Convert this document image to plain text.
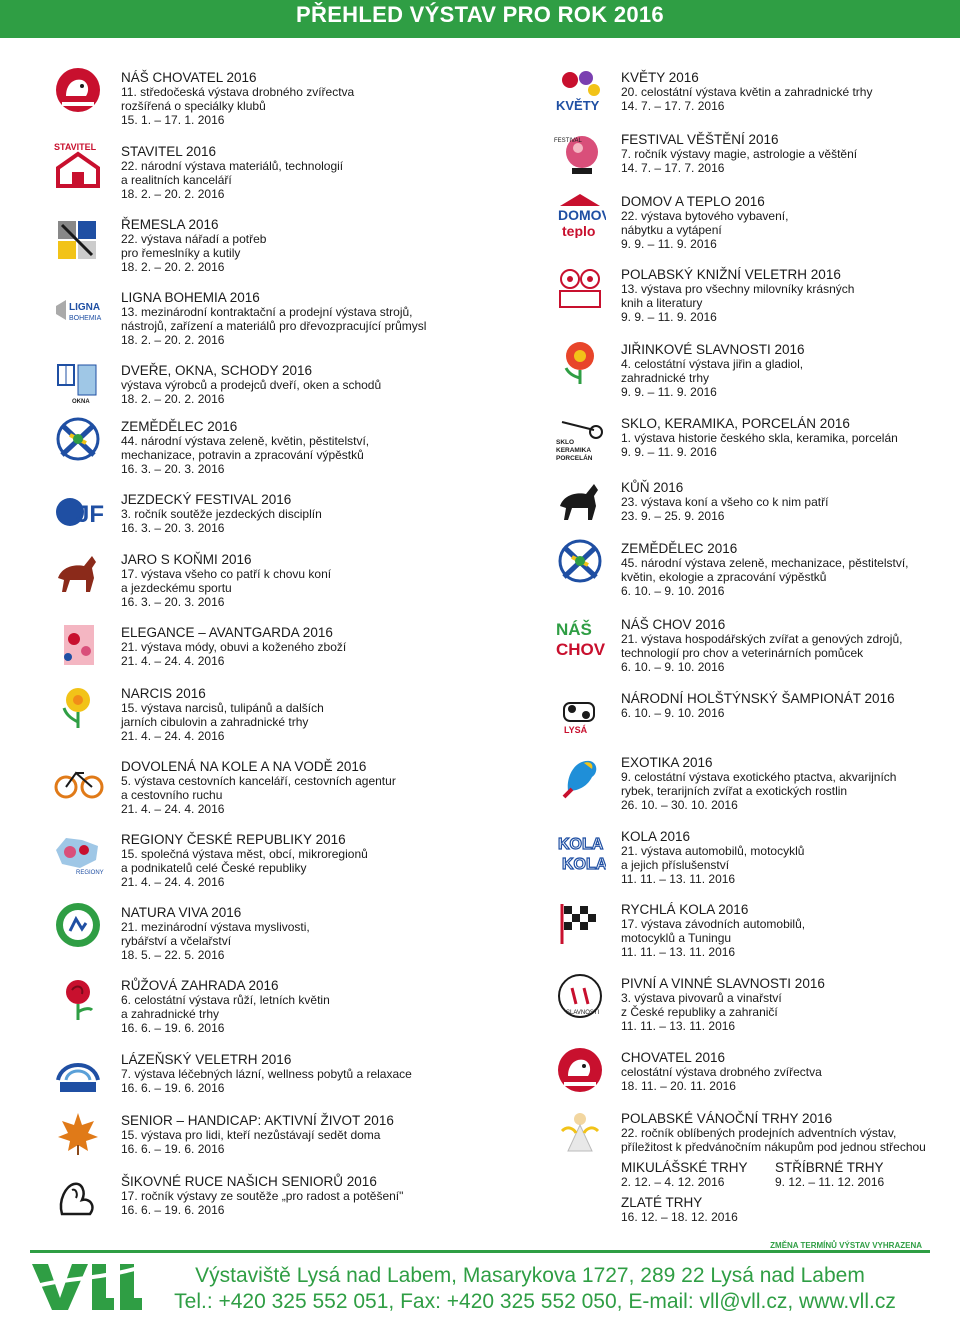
PŘEHLED VÝSTAV PRO ROK 2016
NÁŠ CHOVATEL 2016
11. středočeská výstava drobného zvířectva
rozšířená o speciálky klubů
15. 1. – 17. 1. 2016
STAVITEL STAVITEL 2016
22. národní výstava materiálů, technologií
a realitních kanceláří
18. 2. – 20. 2. 2016
ŘEMESLA 2016
22. výstava nářadí a potřeb
pro řemeslníky a kutily
18. 2. – 20. 2. 2016
LIGNA
BOHEMIA
LIGNA BOHEMIA 2016
13. mezinárodní kontraktační a prodejní výstava strojů,
nástrojů, zařízení a materiálů pro dřevozpracující průmysl
18. 2. – 20. 2. 2016
OKNA
DVEŘE, OKNA, SCHODY 2016
výstava výrobců a prodejců dveří, oken a schodů
18. 2. – 20. 2. 2016
ZEMĚDĚLEC 2016
44. národní výstava zeleně, květin, pěstitelství,
mechanizace, potravin a zpracování výpěstků
16. 3. – 20. 3. 2016
JF
JEZDECKÝ FESTIVAL 2016
3. ročník soutěže jezdeckých disciplín
16. 3. – 20. 3. 2016
JARO S KOŇMI 2016
17. výstava všeho co patří k chovu koní
a jezdeckému sportu
16. 3. – 20. 3. 2016
ELEGANCE – AVANTGARDA 2016
21. výstava módy, obuvi a koženého zboží
21. 4. – 24. 4. 2016
NARCIS 2016
15. výstava narcisů, tulipánů a dalších
jarních cibulovin a zahradnické trhy
21. 4. – 24. 4. 2016
DOVOLENÁ NA KOLE A NA VODĚ 2016
5. výstava cestovních kanceláří, cestovních agentur
a cestovního ruchu
21. 4. – 24. 4. 2016
REGIONY
REGIONY ČESKÉ REPUBLIKY 2016
15. společná výstava měst, obcí, mikroregionů
a podnikatelů celé České republiky
21. 4. – 24. 4. 2016
NATURA VIVA 2016
21. mezinárodní výstava myslivosti,
rybářství a včelařství
18. 5. – 22. 5. 2016
RŮŽOVÁ ZAHRADA 2016
6. celostátní výstava růží, letních květin
a zahradnické trhy
16. 6. – 19. 6. 2016
LÁZEŇSKÝ VELETRH 2016
7. výstava léčebných lázní, wellness pobytů a relaxace
16. 6. – 19. 6. 2016
SENIOR – HANDICAP: AKTIVNÍ ŽIVOT 2016
15. výstava pro lidi, kteří nezůstávají sedět doma
16. 6. – 19. 6. 2016
ŠIKOVNÉ RUCE NAŠICH SENIORŮ 2016
17. ročník výstavy ze soutěže „pro radost a potěšení"
16. 6. – 19. 6. 2016
KVĚTY
KVĚTY 2016
20. celostátní výstava květin a zahradnické trhy
14. 7. – 17. 7. 2016
FESTIVAL	FESTIVAL VĚŠTĚNÍ 2016
7. ročník výstavy magie, astrologie a věštění
14. 7. – 17. 7. 2016
DOMOV
teplo
DOMOV A TEPLO 2016
22. výstava bytového vybavení,
nábytku a vytápení
9. 9. – 11. 9. 2016
POLABSKÝ KNIŽNÍ VELETRH 2016
13. výstava pro všechny milovníky krásných
knih a literatury
9. 9. – 11. 9. 2016
JIŘINKOVÉ SLAVNOSTI 2016
4. celostátní výstava jiřin a gladiol,
zahradnické trhy
9. 9. – 11. 9. 2016
SKLO
KERAMIKA
PORCELÁN
SKLO, KERAMIKA, PORCELÁN 2016
1. výstava historie českého skla, keramika, porcelán
9. 9. – 11. 9. 2016
KŮŇ 2016
23. výstava koní a všeho co k nim patří
23. 9. – 25. 9. 2016
ZEMĚDĚLEC 2016
45. národní výstava zeleně, mechanizace, pěstitelství,
květin, ekologie a zpracování výpěstků
6. 10. – 9. 10. 2016
NÁŠ
CHOV
NÁŠ CHOV 2016
21. výstava hospodářských zvířat a genových zdrojů,
technologií pro chov a veterinárních pomůcek
6. 10. – 9. 10. 2016
LYSÁ
NÁRODNÍ HOLŠTÝNSKÝ ŠAMPIONÁT 2016
6. 10. – 9. 10. 2016
EXOTIKA 2016
9. celostátní výstava exotického ptactva, akvarijních
rybek, terarijních zvířat a exotických rostlin
26. 10. – 30. 10. 2016
KOLA
KOLA
KOLA 2016
21. výstava automobilů, motocyklů
a jejich příslušenství
11. 11. – 13. 11. 2016
RYCHLÁ KOLA 2016
17. výstava závodních automobilů,
motocyklů a Tuningu
11. 11. – 13. 11. 2016
SLAVNOSTI
PIVNÍ A VINNÉ SLAVNOSTI 2016
3. výstava pivovarů a vinařství
z České republiky a zahraničí
11. 11. – 13. 11. 2016
CHOVATEL 2016
celostátní výstava drobného zvířectva
18. 11. – 20. 11. 2016
POLABSKÉ VÁNOČNÍ TRHY 2016
22. ročník oblíbených prodejních adventních výstav,
příležitost k předvánočním nákupům pod jednou střechou
MIKULÁŠSKÉ TRHY
2. 12. – 4. 12. 2016
STŘÍBRNÉ TRHY
9. 12. – 11. 12. 2016
ZLATÉ TRHY
16. 12. – 18. 12. 2016
ZMĚNA TERMÍNŮ VÝSTAV VYHRAZENA
Výstaviště Lysá nad Labem, Masarykova 1727, 289 22 Lysá nad Labem
Tel.: +420 325 552 051, Fax: +420 325 552 050, E-mail: vll@vll.cz, www.vll.cz
